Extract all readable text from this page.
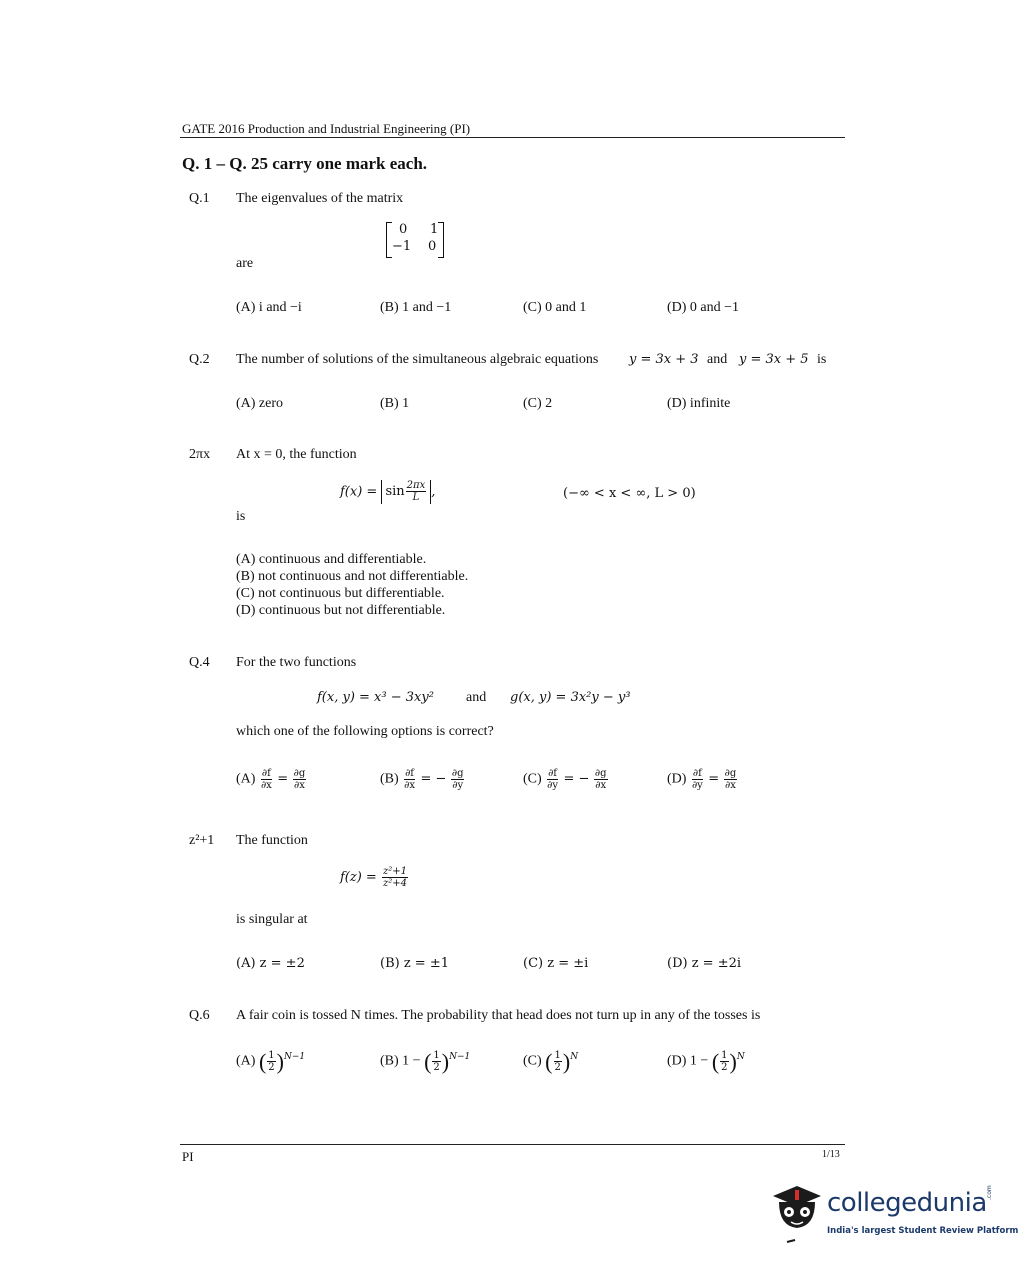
GATE 2016 Production and Industrial Engineering (PI)
Q. 1 – Q. 25 carry one mark each.
Q.1 The eigenvalues of the matrix
0 1
−1 0
are
(A) i and −i	(B) 1 and −1	(C) 0 and 1	(D) 0 and −1
Q.2 The number of solutions of the simultaneous algebraic equations y = 3x + 3 and y = 3x + 5 is
(A) zero	(B) 1	(C) 2	(D) infinite
2πx At x = 0, the function
$f(x) = \sin \frac{2\pi x}{L}$ ,	(−∞ < x < ∞, L > 0)
is
(A) continuous and differentiable.
(B) not continuous and not differentiable.
(C) not continuous but differentiable.
(D) continuous but not differentiable.
Q.4 For the two functions
f(x, y) = x³ − 3xy² and g(x, y) = 3x²y − y³
which one of the following options is correct?
$(A) \frac{\partial f}{\partial x} = \frac{\partial g}{\partial x}$	$(B) \frac{\partial f}{\partial x}$ = − $\frac{\partial g}{\partial y}$	$(C) \frac{\partial f}{\partial y}$ = − $\frac{\partial g}{\partial x}$	$(D) \frac{\partial f}{\partial y} = \frac{\partial g}{\partial x}$
z²+1 The function
$f(z) = \frac{\text{z²+1}}{\text{z²+4}}$
is singular at
(A) z = ±2	(B) z = ±1	(C) z = ±i	(D) z = ±2i
Q.6 A fair coin is tossed N times. The probability that head does not turn up in any of the tosses is
(A) ( $\frac{1}{2}$ ) $^{N-1}$	(B) 1 − ( $\frac{1}{2}$ ) $^{N-1}$	(C) ( $\frac{1}{2}$ ) $^N$	(D) 1 − ( $\frac{1}{2}$ ) $^N$
PI	1/13
collegedunia
India's largest Student Review Platform
.com
